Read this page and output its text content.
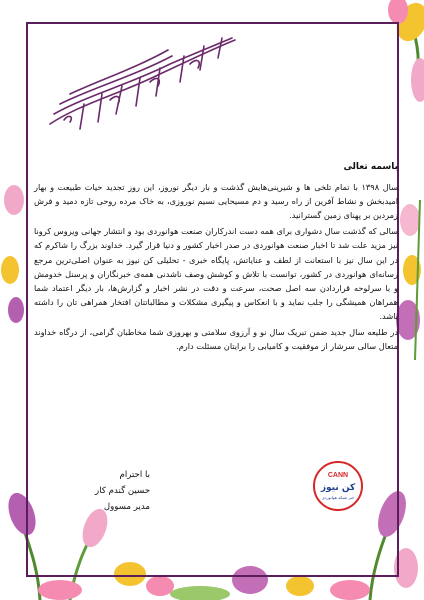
باسمه تعالی

سال ۱۳۹۸ با تمام تلخی ها و شیرینی‌هایش گذشت و بار دیگر نوروز، این روز تجدید حیات طبیعت و بهار امیدبخش و نشاط آفرین از راه رسید و دم مسیحایی نسیم نوروزی، به خاک مرده روحی تازه دمید و فرش زمردین بر پهنای زمین گسترانید.

سالی که گذشت سال دشواری برای همه دست اندرکاران صنعت هوانوردی بود و انتشار جهانی ویروس کرونا نیز مزید علت شد تا اخبار صنعت هوانوردی در صدر اخبار کشور و دنیا قرار گیرد. خداوند بزرگ را شاکرم که در این سال نیز با استعانت از لطف و عنایاتش، پایگاه خبری - تحلیلی کن نیوز به عنوان اصلی‌ترین مرجع رسانه‌ای هوانوردی در کشور، توانست با تلاش و کوشش وصف ناشدنی همه‌ی خبرنگاران و پرسنل خدومش و با سرلوحه قراردادن سه اصل صحت، سرعت و دقت در نشر اخبار و گزارش‌ها، بار دیگر اعتماد شما همراهان همیشگی را جلب نماید و با انعکاس و پیگیری مشکلات و مطالباتتان افتخار همراهی تان را داشته باشد.

در طلیعه سال جدید ضمن تبریک سال نو و آرزوی سلامتی و بهروزی شما مخاطبان گرامی، از درگاه خداوند متعال سالی سرشار از موفقیت و کامیابی را برایتان مسئلت دارم.

با احترام
حسین گندم کار
مدیر مسوول
CANN
کن نیوز
خبر شبکه هوانوردی
